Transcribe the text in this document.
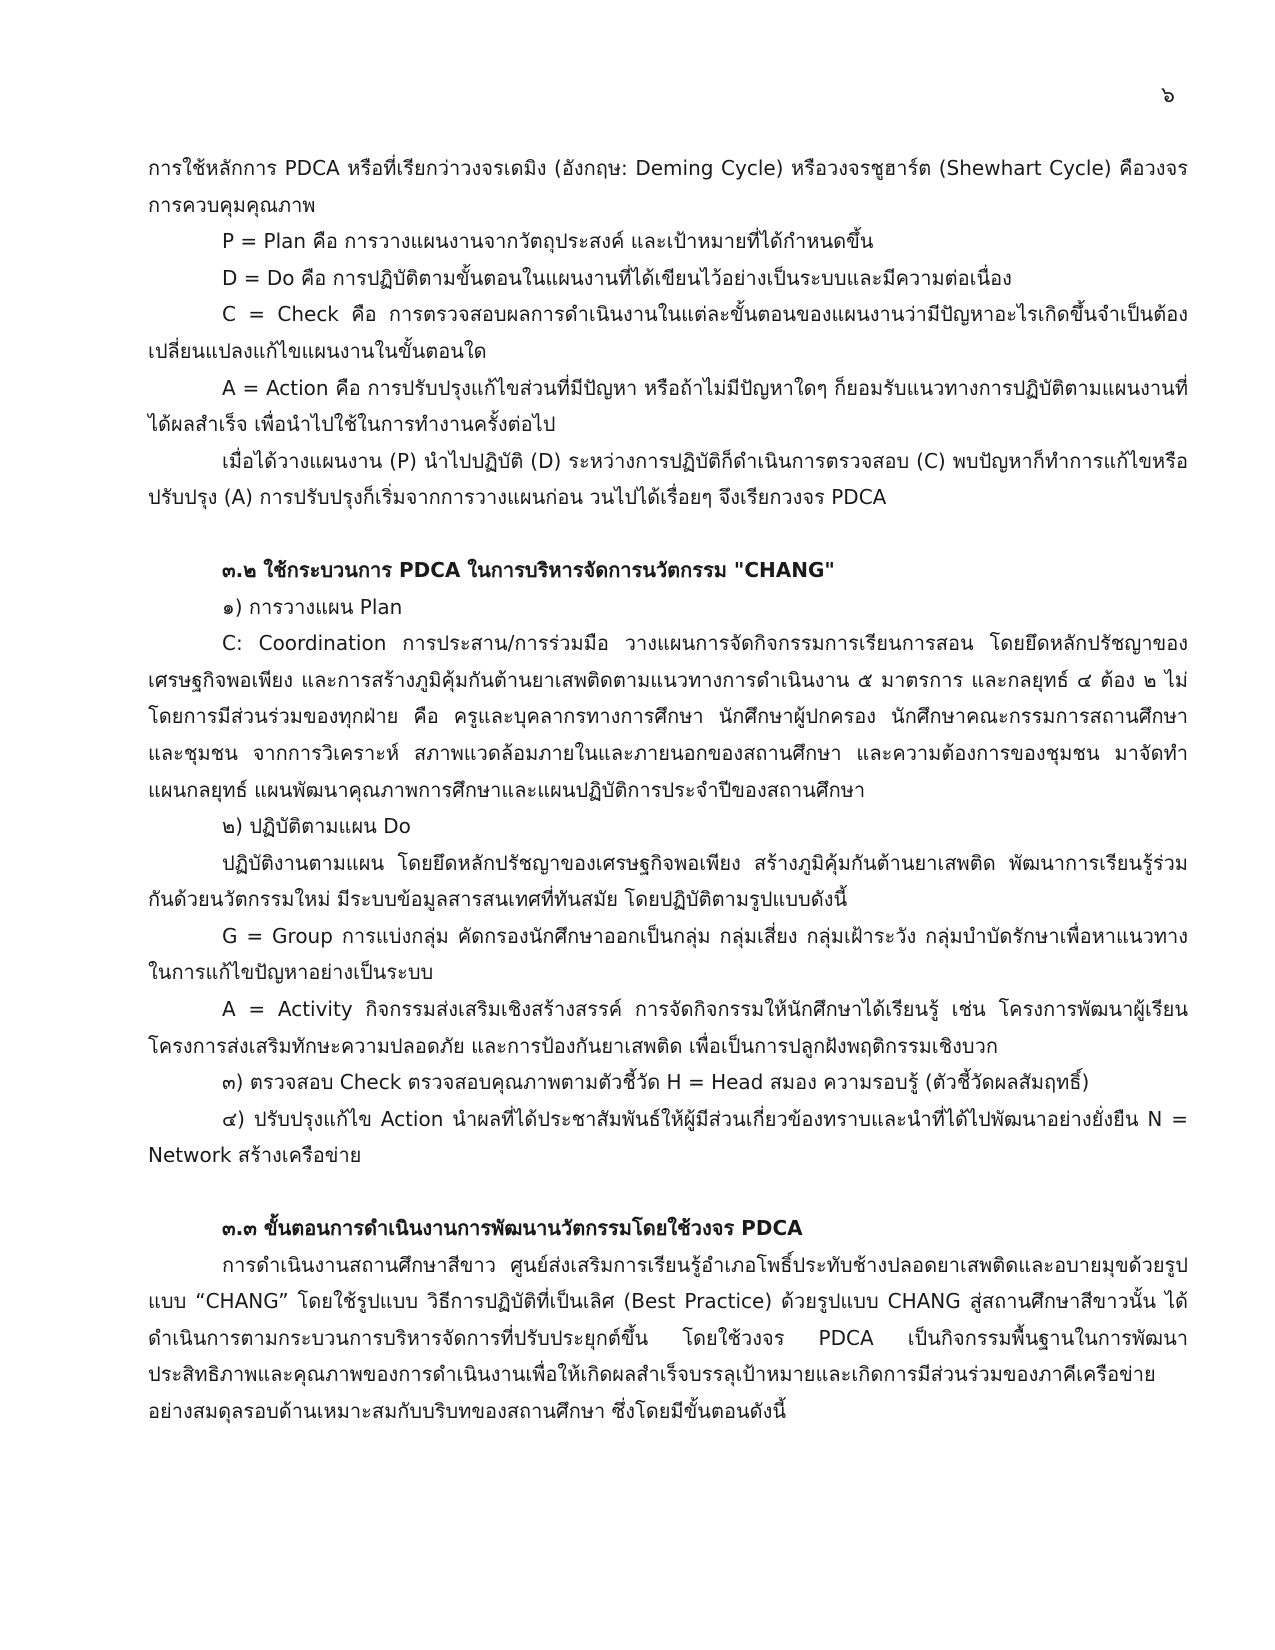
๖

การใช้หลักการ PDCA หรือที่เรียกว่าวงจรเดมิง (อังกฤษ: Deming Cycle) หรือวงจรชูฮาร์ต (Shewhart Cycle) คือวงจรการควบคุมคุณภาพ

P = Plan คือ การวางแผนงานจากวัตถุประสงค์ และเป้าหมายที่ได้กำหนดขึ้น

D = Do คือ การปฏิบัติตามขั้นตอนในแผนงานที่ได้เขียนไว้อย่างเป็นระบบและมีความต่อเนื่อง

C = Check คือ การตรวจสอบผลการดำเนินงานในแต่ละขั้นตอนของแผนงานว่ามีปัญหาอะไรเกิดขึ้นจำเป็นต้องเปลี่ยนแปลงแก้ไขแผนงานในขั้นตอนใด

A = Action คือ การปรับปรุงแก้ไขส่วนที่มีปัญหา หรือถ้าไม่มีปัญหาใดๆ ก็ยอมรับแนวทางการปฏิบัติตามแผนงานที่ได้ผลสำเร็จ เพื่อนำไปใช้ในการทำงานครั้งต่อไป

เมื่อได้วางแผนงาน (P) นำไปปฏิบัติ (D) ระหว่างการปฏิบัติก็ดำเนินการตรวจสอบ (C) พบปัญหาก็ทำการแก้ไขหรือปรับปรุง (A) การปรับปรุงก็เริ่มจากการวางแผนก่อน วนไปได้เรื่อยๆ จึงเรียกวงจร PDCA

๓.๒ ใช้กระบวนการ PDCA ในการบริหารจัดการนวัตกรรม "CHANG"

๑) การวางแผน Plan

C: Coordination การประสาน/การร่วมมือ วางแผนการจัดกิจกรรมการเรียนการสอน โดยยึดหลักปรัชญาของเศรษฐกิจพอเพียง และการสร้างภูมิคุ้มกันต้านยาเสพติดตามแนวทางการดำเนินงาน ๕ มาตรการ และกลยุทธ์ ๔ ต้อง ๒ ไม่ โดยการมีส่วนร่วมของทุกฝ่าย คือ ครูและบุคลากรทางการศึกษา นักศึกษาผู้ปกครอง นักศึกษาคณะกรรมการสถานศึกษา และชุมชน จากการวิเคราะห์ สภาพแวดล้อมภายในและภายนอกของสถานศึกษา และความต้องการของชุมชน มาจัดทำแผนกลยุทธ์ แผนพัฒนาคุณภาพการศึกษาและแผนปฏิบัติการประจำปีของสถานศึกษา

๒) ปฏิบัติตามแผน Do

ปฏิบัติงานตามแผน โดยยึดหลักปรัชญาของเศรษฐกิจพอเพียง สร้างภูมิคุ้มกันต้านยาเสพติด พัฒนาการเรียนรู้ร่วมกันด้วยนวัตกรรมใหม่ มีระบบข้อมูลสารสนเทศที่ทันสมัย โดยปฏิบัติตามรูปแบบดังนี้

G = Group การแบ่งกลุ่ม คัดกรองนักศึกษาออกเป็นกลุ่ม กลุ่มเสี่ยง กลุ่มเฝ้าระวัง กลุ่มบำบัดรักษาเพื่อหาแนวทางในการแก้ไขปัญหาอย่างเป็นระบบ

A = Activity กิจกรรมส่งเสริมเชิงสร้างสรรค์ การจัดกิจกรรมให้นักศึกษาได้เรียนรู้ เช่น โครงการพัฒนาผู้เรียนโครงการส่งเสริมทักษะความปลอดภัย และการป้องกันยาเสพติด เพื่อเป็นการปลูกฝังพฤติกรรมเชิงบวก

๓) ตรวจสอบ Check ตรวจสอบคุณภาพตามตัวชี้วัด H = Head สมอง ความรอบรู้ (ตัวชี้วัดผลสัมฤทธิ์)

๔) ปรับปรุงแก้ไข Action นำผลที่ได้ประชาสัมพันธ์ให้ผู้มีส่วนเกี่ยวข้องทราบและนำที่ได้ไปพัฒนาอย่างยั่งยืน N = Network สร้างเครือข่าย

๓.๓ ขั้นตอนการดำเนินงานการพัฒนานวัตกรรมโดยใช้วงจร PDCA

การดำเนินงานสถานศึกษาสีขาว ศูนย์ส่งเสริมการเรียนรู้อำเภอโพธิ์ประทับช้างปลอดยาเสพติดและอบายมุขด้วยรูปแบบ “CHANG” โดยใช้รูปแบบ วิธีการปฏิบัติที่เป็นเลิศ (Best Practice) ด้วยรูปแบบ CHANG สู่สถานศึกษาสีขาวนั้น ได้ดำเนินการตามกระบวนการบริหารจัดการที่ปรับประยุกต์ขึ้น โดยใช้วงจร PDCA เป็นกิจกรรมพื้นฐานในการพัฒนาประสิทธิภาพและคุณภาพของการดำเนินงานเพื่อให้เกิดผลสำเร็จบรรลุเป้าหมายและเกิดการมีส่วนร่วมของภาคีเครือข่ายอย่างสมดุลรอบด้านเหมาะสมกับบริบทของสถานศึกษา ซึ่งโดยมีขั้นตอนดังนี้
